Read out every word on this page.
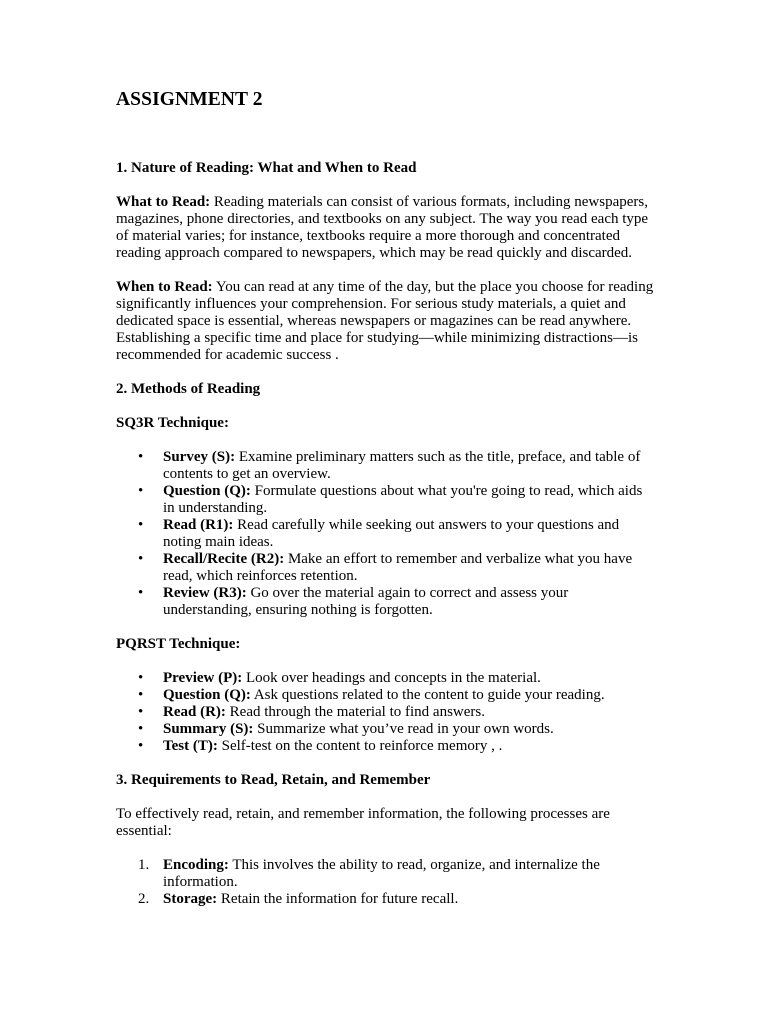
ASSIGNMENT 2

1. Nature of Reading: What and When to Read

What to Read: Reading materials can consist of various formats, including newspapers, magazines, phone directories, and textbooks on any subject. The way you read each type of material varies; for instance, textbooks require a more thorough and concentrated reading approach compared to newspapers, which may be read quickly and discarded.

When to Read: You can read at any time of the day, but the place you choose for reading significantly influences your comprehension. For serious study materials, a quiet and dedicated space is essential, whereas newspapers or magazines can be read anywhere. Establishing a specific time and place for studying—while minimizing distractions—is recommended for academic success .

2. Methods of Reading

SQ3R Technique:

• Survey (S): Examine preliminary matters such as the title, preface, and table of contents to get an overview.
• Question (Q): Formulate questions about what you're going to read, which aids in understanding.
• Read (R1): Read carefully while seeking out answers to your questions and noting main ideas.
• Recall/Recite (R2): Make an effort to remember and verbalize what you have read, which reinforces retention.
• Review (R3): Go over the material again to correct and assess your understanding, ensuring nothing is forgotten.

PQRST Technique:

• Preview (P): Look over headings and concepts in the material.
• Question (Q): Ask questions related to the content to guide your reading.
• Read (R): Read through the material to find answers.
• Summary (S): Summarize what you’ve read in your own words.
• Test (T): Self-test on the content to reinforce memory , .

3. Requirements to Read, Retain, and Remember

To effectively read, retain, and remember information, the following processes are essential:

1. Encoding: This involves the ability to read, organize, and internalize the information.
2. Storage: Retain the information for future recall.
